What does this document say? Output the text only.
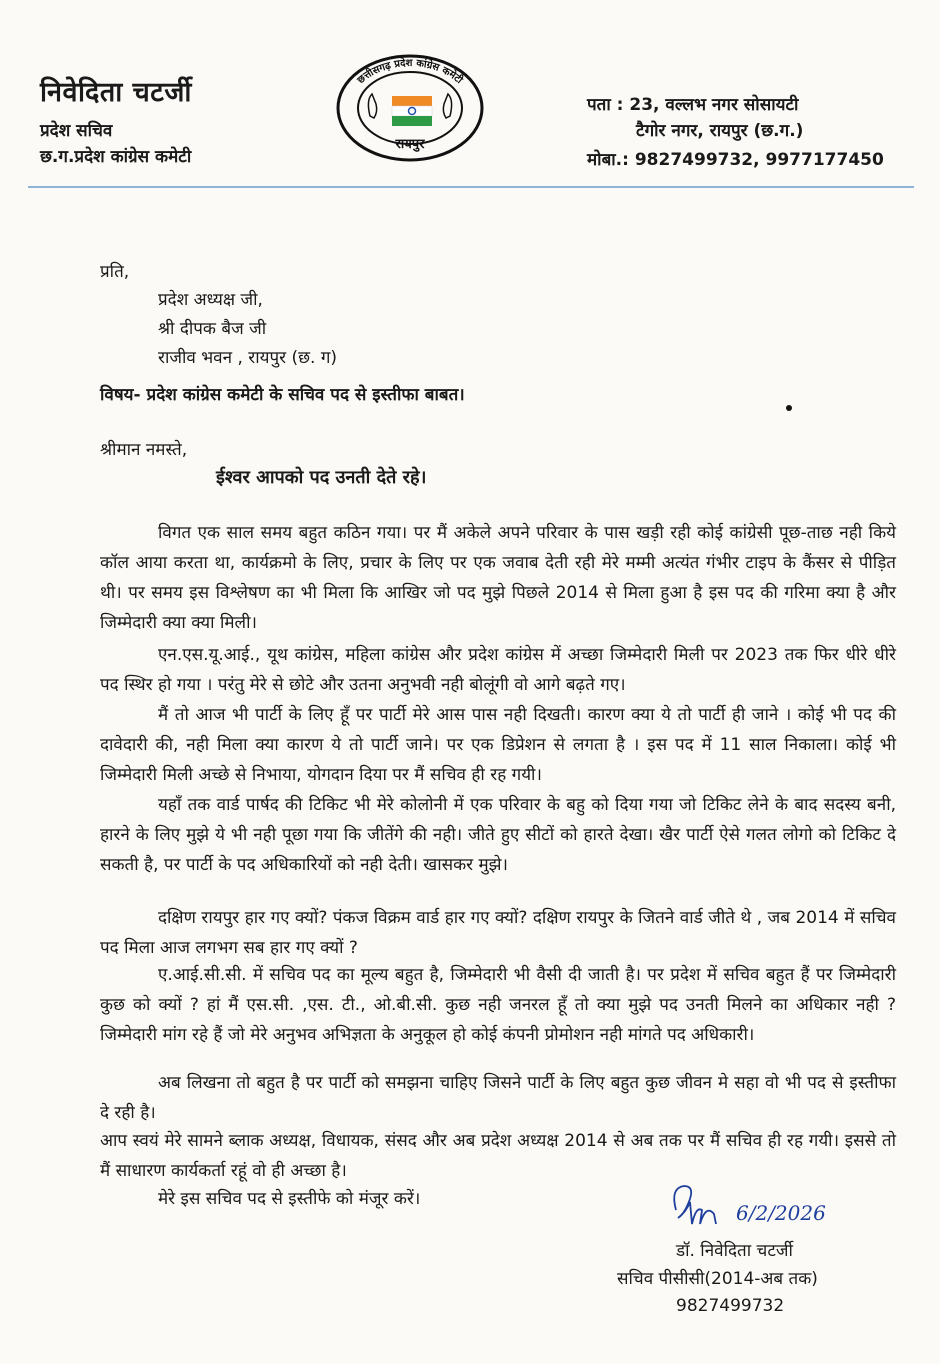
निवेदिता चटर्जी
प्रदेश सचिव
छ.ग.प्रदेश कांग्रेस कमेटी
छत्तीसगढ़ प्रदेश कांग्रेस कमेटी
रायपुर
पता : 23, वल्लभ नगर सोसायटी
टैगोर नगर, रायपुर (छ.ग.)
मोबा.: 9827499732, 9977177450
प्रति,
प्रदेश अध्यक्ष जी,
श्री दीपक बैज जी
राजीव भवन , रायपुर (छ. ग)
विषय- प्रदेश कांग्रेस कमेटी के सचिव पद से इस्तीफा बाबत।
श्रीमान नमस्ते,
ईश्वर आपको पद उनती देते रहे।
विगत एक साल समय बहुत कठिन गया। पर मैं अकेले अपने परिवार के पास खड़ी रही कोई कांग्रेसी पूछ-ताछ नही किये कॉल आया करता था, कार्यक्रमो के लिए, प्रचार के लिए पर एक जवाब देती रही मेरे मम्मी अत्यंत गंभीर टाइप के कैंसर से पीड़ित थी। पर समय इस विश्लेषण का भी मिला कि आखिर जो पद मुझे पिछले 2014 से मिला हुआ है इस पद की गरिमा क्या है और जिम्मेदारी क्या क्या मिली।
एन.एस.यू.आई., यूथ कांग्रेस, महिला कांग्रेस और प्रदेश कांग्रेस में अच्छा जिम्मेदारी मिली पर 2023 तक फिर धीरे धीरे पद स्थिर हो गया । परंतु मेरे से छोटे और उतना अनुभवी नही बोलूंगी वो आगे बढ़ते गए।
मैं तो आज भी पार्टी के लिए हूँ पर पार्टी मेरे आस पास नही दिखती। कारण क्या ये तो पार्टी ही जाने । कोई भी पद की दावेदारी की, नही मिला क्या कारण ये तो पार्टी जाने। पर एक डिप्रेशन से लगता है । इस पद में 11 साल निकाला। कोई भी जिम्मेदारी मिली अच्छे से निभाया, योगदान दिया पर मैं सचिव ही रह गयी।
यहाँ तक वार्ड पार्षद की टिकिट भी मेरे कोलोनी में एक परिवार के बहु को दिया गया जो टिकिट लेने के बाद सदस्य बनी, हारने के लिए मुझे ये भी नही पूछा गया कि जीतेंगे की नही। जीते हुए सीटों को हारते देखा। खैर पार्टी ऐसे गलत लोगो को टिकिट दे सकती है, पर पार्टी के पद अधिकारियों को नही देती। खासकर मुझे।
दक्षिण रायपुर हार गए क्यों? पंकज विक्रम वार्ड हार गए क्यों? दक्षिण रायपुर के जितने वार्ड जीते थे , जब 2014 में सचिव पद मिला आज लगभग सब हार गए क्यों ?
ए.आई.सी.सी. में सचिव पद का मूल्य बहुत है, जिम्मेदारी भी वैसी दी जाती है। पर प्रदेश में सचिव बहुत हैं पर जिम्मेदारी कुछ को क्यों ? हां मैं एस.सी. ,एस. टी., ओ.बी.सी. कुछ नही जनरल हूँ तो क्या मुझे पद उनती मिलने का अधिकार नही ? जिम्मेदारी मांग रहे हैं जो मेरे अनुभव अभिज्ञता के अनुकूल हो कोई कंपनी प्रोमोशन नही मांगते पद अधिकारी।
अब लिखना तो बहुत है पर पार्टी को समझना चाहिए जिसने पार्टी के लिए बहुत कुछ जीवन मे सहा वो भी पद से इस्तीफा दे रही है।
आप स्वयं मेरे सामने ब्लाक अध्यक्ष, विधायक, संसद और अब प्रदेश अध्यक्ष 2014 से अब तक पर मैं सचिव ही रह गयी। इससे तो मैं साधारण कार्यकर्ता रहूं वो ही अच्छा है।
मेरे इस सचिव पद से इस्तीफे को मंजूर करें।
6/2/2026
डॉ. निवेदिता चटर्जी
सचिव पीसीसी(2014-अब तक)
9827499732
